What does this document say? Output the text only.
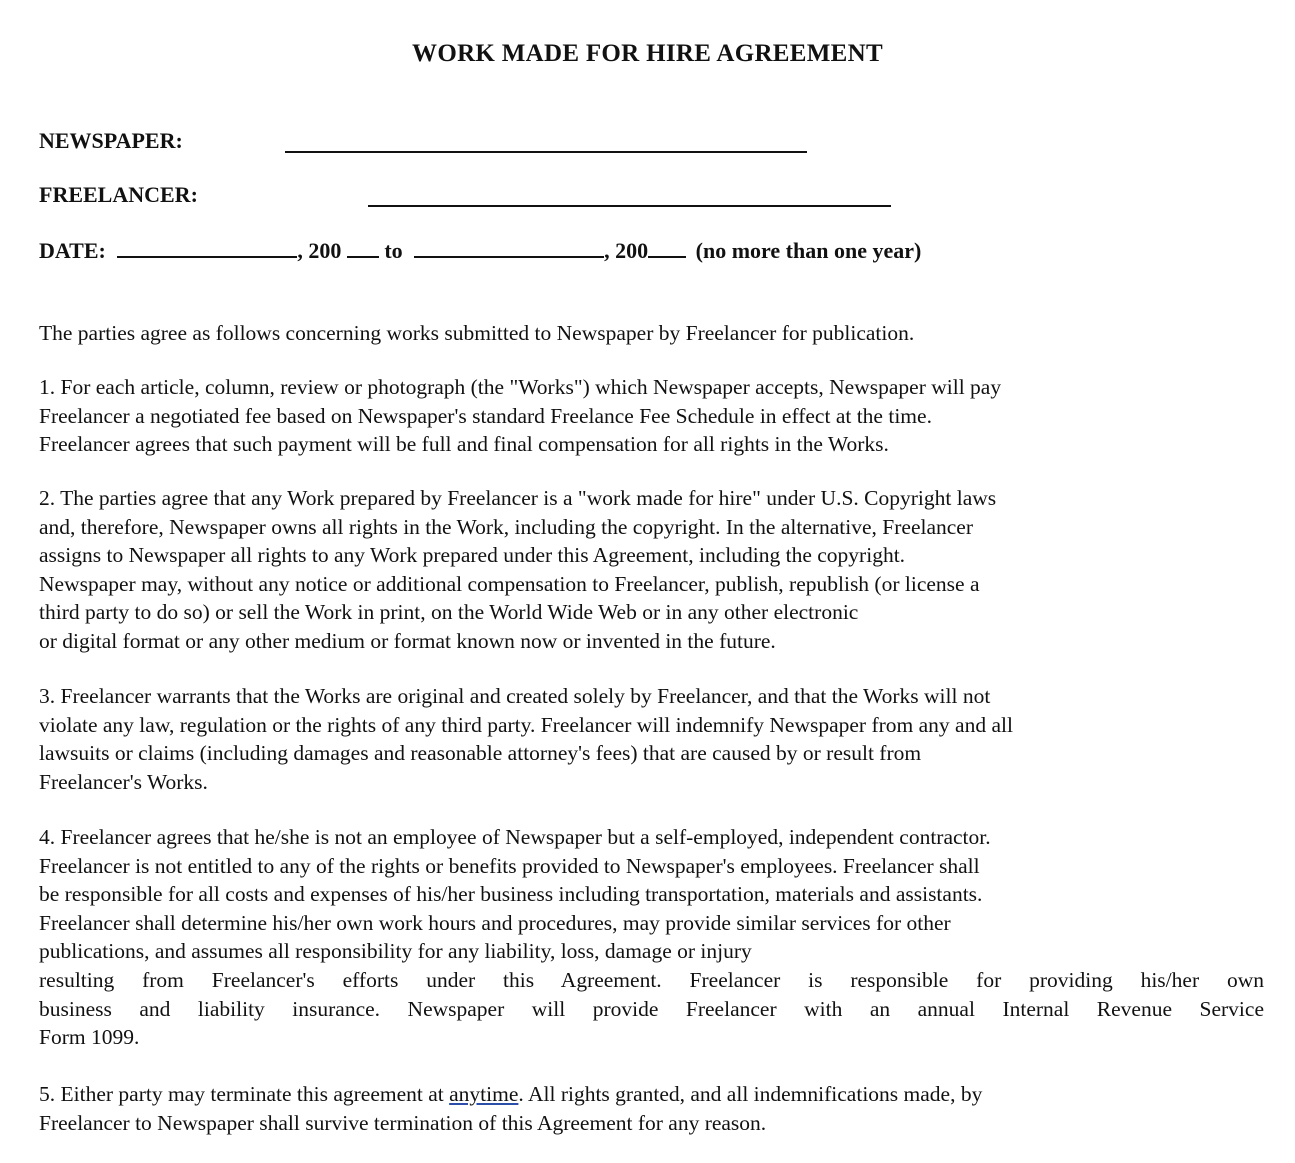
WORK MADE FOR HIRE AGREEMENT
NEWSPAPER:
FREELANCER:
DATE:	, 200 to	, 200 (no more than one year)
The parties agree as follows concerning works submitted to Newspaper by Freelancer for publication.
1. For each article, column, review or photograph (the "Works") which Newspaper accepts, Newspaper will pay
Freelancer a negotiated fee based on Newspaper's standard Freelance Fee Schedule in effect at the time.
Freelancer agrees that such payment will be full and final compensation for all rights in the Works.
2. The parties agree that any Work prepared by Freelancer is a "work made for hire" under U.S. Copyright laws
and, therefore, Newspaper owns all rights in the Work, including the copyright. In the alternative, Freelancer
assigns to Newspaper all rights to any Work prepared under this Agreement, including the copyright.
Newspaper may, without any notice or additional compensation to Freelancer, publish, republish (or license a
third party to do so) or sell the Work in print, on the World Wide Web or in any other electronic
or digital format or any other medium or format known now or invented in the future.
3. Freelancer warrants that the Works are original and created solely by Freelancer, and that the Works will not
violate any law, regulation or the rights of any third party. Freelancer will indemnify Newspaper from any and all
lawsuits or claims (including damages and reasonable attorney's fees) that are caused by or result from
Freelancer's Works.
4. Freelancer agrees that he/she is not an employee of Newspaper but a self-employed, independent contractor.
Freelancer is not entitled to any of the rights or benefits provided to Newspaper's employees. Freelancer shall
be responsible for all costs and expenses of his/her business including transportation, materials and assistants.
Freelancer shall determine his/her own work hours and procedures, may provide similar services for other
publications, and assumes all responsibility for any liability, loss, damage or injury
resulting from Freelancer's efforts under this Agreement. Freelancer is responsible for providing his/her own
business and liability insurance. Newspaper will provide Freelancer with an annual Internal Revenue Service
Form 1099.
5. Either party may terminate this agreement at anytime. All rights granted, and all indemnifications made, by
Freelancer to Newspaper shall survive termination of this Agreement for any reason.
